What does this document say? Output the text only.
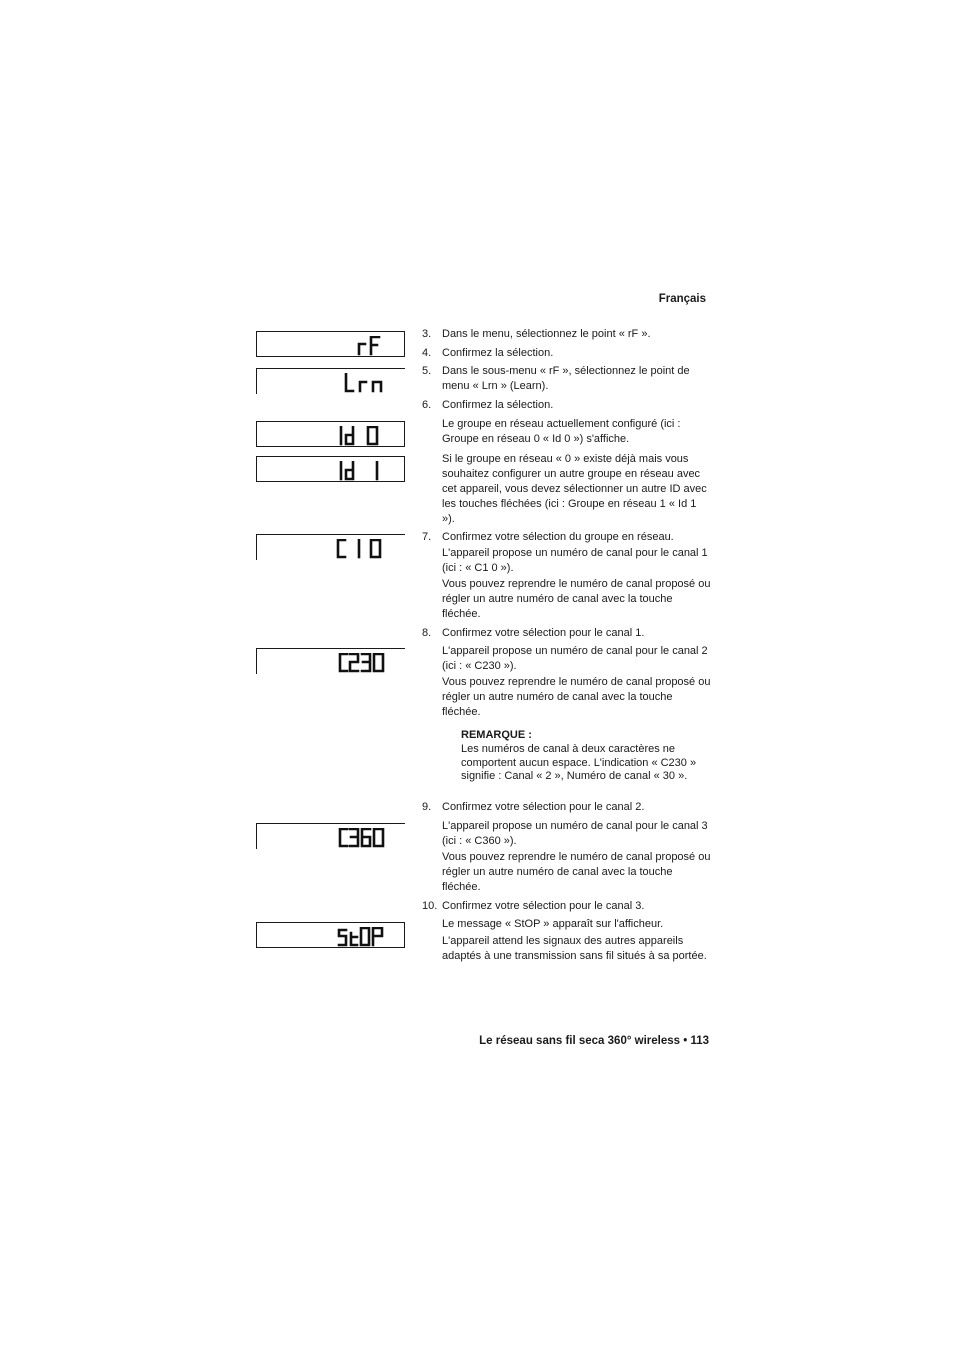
Français
3. Dans le menu, sélectionnez le point « rF ».
4. Confirmez la sélection.
5. Dans le sous-menu « rF », sélectionnez le point de menu « Lrn » (Learn).
6. Confirmez la sélection.
Le groupe en réseau actuellement configuré (ici : Groupe en réseau 0 « Id 0 ») s'affiche.
Si le groupe en réseau « 0 » existe déjà mais vous souhaitez configurer un autre groupe en réseau avec cet appareil, vous devez sélectionner un autre ID avec les touches fléchées (ici : Groupe en réseau 1 « Id 1 »).
7. Confirmez votre sélection du groupe en réseau.
L'appareil propose un numéro de canal pour le canal 1 (ici : « C1 0 »).
Vous pouvez reprendre le numéro de canal proposé ou régler un autre numéro de canal avec la touche fléchée.
8. Confirmez votre sélection pour le canal 1.
L'appareil propose un numéro de canal pour le canal 2 (ici : « C230 »).
Vous pouvez reprendre le numéro de canal proposé ou régler un autre numéro de canal avec la touche fléchée.
REMARQUE :
Les numéros de canal à deux caractères ne comportent aucun espace. L'indication « C230 » signifie : Canal « 2 », Numéro de canal « 30 ».
9. Confirmez votre sélection pour le canal 2.
L'appareil propose un numéro de canal pour le canal 3 (ici : « C360 »).
Vous pouvez reprendre le numéro de canal proposé ou régler un autre numéro de canal avec la touche fléchée.
10. Confirmez votre sélection pour le canal 3.
Le message « StOP » apparaît sur l'afficheur.
L'appareil attend les signaux des autres appareils adaptés à une transmission sans fil situés à sa portée.
Le réseau sans fil seca 360° wireless • 113
